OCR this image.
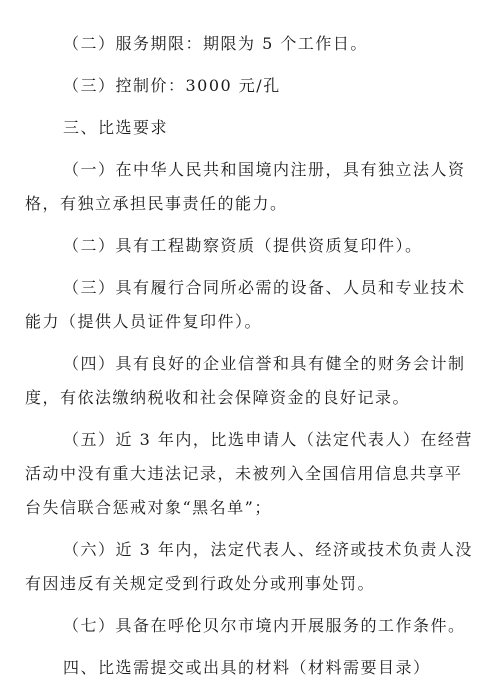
（二）服务期限：期限为 5 个工作日。
（三）控制价：3000 元/孔
三、比选要求
（一）在中华人民共和国境内注册，具有独立法人资
格，有独立承担民事责任的能力。
（二）具有工程勘察资质（提供资质复印件）。
（三）具有履行合同所必需的设备、人员和专业技术
能力（提供人员证件复印件）。
（四）具有良好的企业信誉和具有健全的财务会计制
度，有依法缴纳税收和社会保障资金的良好记录。
（五）近 3 年内，比选申请人（法定代表人）在经营
活动中没有重大违法记录，未被列入全国信用信息共享平
台失信联合惩戒对象“黑名单”；
（六）近 3 年内，法定代表人、经济或技术负责人没
有因违反有关规定受到行政处分或刑事处罚。
（七）具备在呼伦贝尔市境内开展服务的工作条件。
四、比选需提交或出具的材料（材料需要目录）
